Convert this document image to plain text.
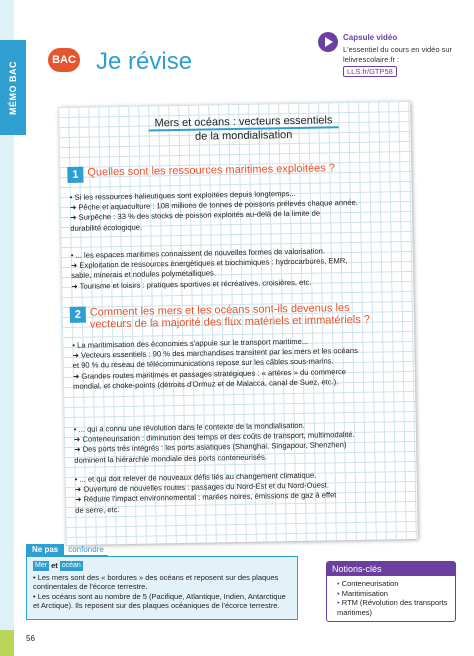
MÉMO BAC
BAC Je révise
Capsule vidéo
L'essentiel du cours en vidéo sur lelivrescolaire.fr :
LLS.fr/GTP58
Mers et océans : vecteurs essentiels
de la mondialisation
1 Quelles sont les ressources maritimes exploitées ?
• Si les ressources halieutiques sont exploitées depuis longtemps...
➜ Pêche et aquaculture : 108 millions de tonnes de poissons prélevés chaque année.
➜ Surpêche : 33 % des stocks de poisson exploités au-delà de la limite de
durabilité écologique.
• ... les espaces maritimes connaissent de nouvelles formes de valorisation.
➜ Exploitation de ressources énergétiques et biochimiques : hydrocarbures, EMR,
sable, minerais et nodules polymétalliques.
➜ Tourisme et loisirs : pratiques sportives et récréatives, croisières, etc.
2 Comment les mers et les océans sont-ils devenus les vecteurs de la majorité des flux matériels et immatériels ?
• La maritimisation des économies s'appuie sur le transport maritime...
➜ Vecteurs essentiels : 90 % des marchandises transitent par les mers et les océans
et 90 % du réseau de télécommunications repose sur les câbles sous-marins.
➜ Grandes routes maritimes et passages stratégiques : « artères » du commerce
mondial, et choke-points (détroits d'Ormuz et de Malacca, canal de Suez, etc.).
• ... qui a connu une révolution dans le contexte de la mondialisation.
➜ Conteneurisation : diminution des temps et des coûts de transport, multimodalité.
➜ Des ports très intégrés : les ports asiatiques (Shanghai, Singapour, Shenzhen)
dominent la hiérarchie mondiale des ports conteneurisés.
• ... et qui doit relever de nouveaux défis liés au changement climatique.
➜ Ouverture de nouvelles routes : passages du Nord-Est et du Nord-Ouest.
➜ Réduire l'impact environnemental : marées noires, émissions de gaz à effet
de serre, etc.
Ne pas	confondre
Mer et océan
• Les mers sont des « bordures » des océans et reposent sur des plaques continentales de l'écorce terrestre.
• Les océans sont au nombre de 5 (Pacifique, Atlantique, Indien, Antarctique et Arctique). Ils reposent sur des plaques océaniques de l'écorce terrestre.
Notions-clés
• Conteneurisation
• Maritimisation
• RTM (Révolution des transports maritimes)
56
